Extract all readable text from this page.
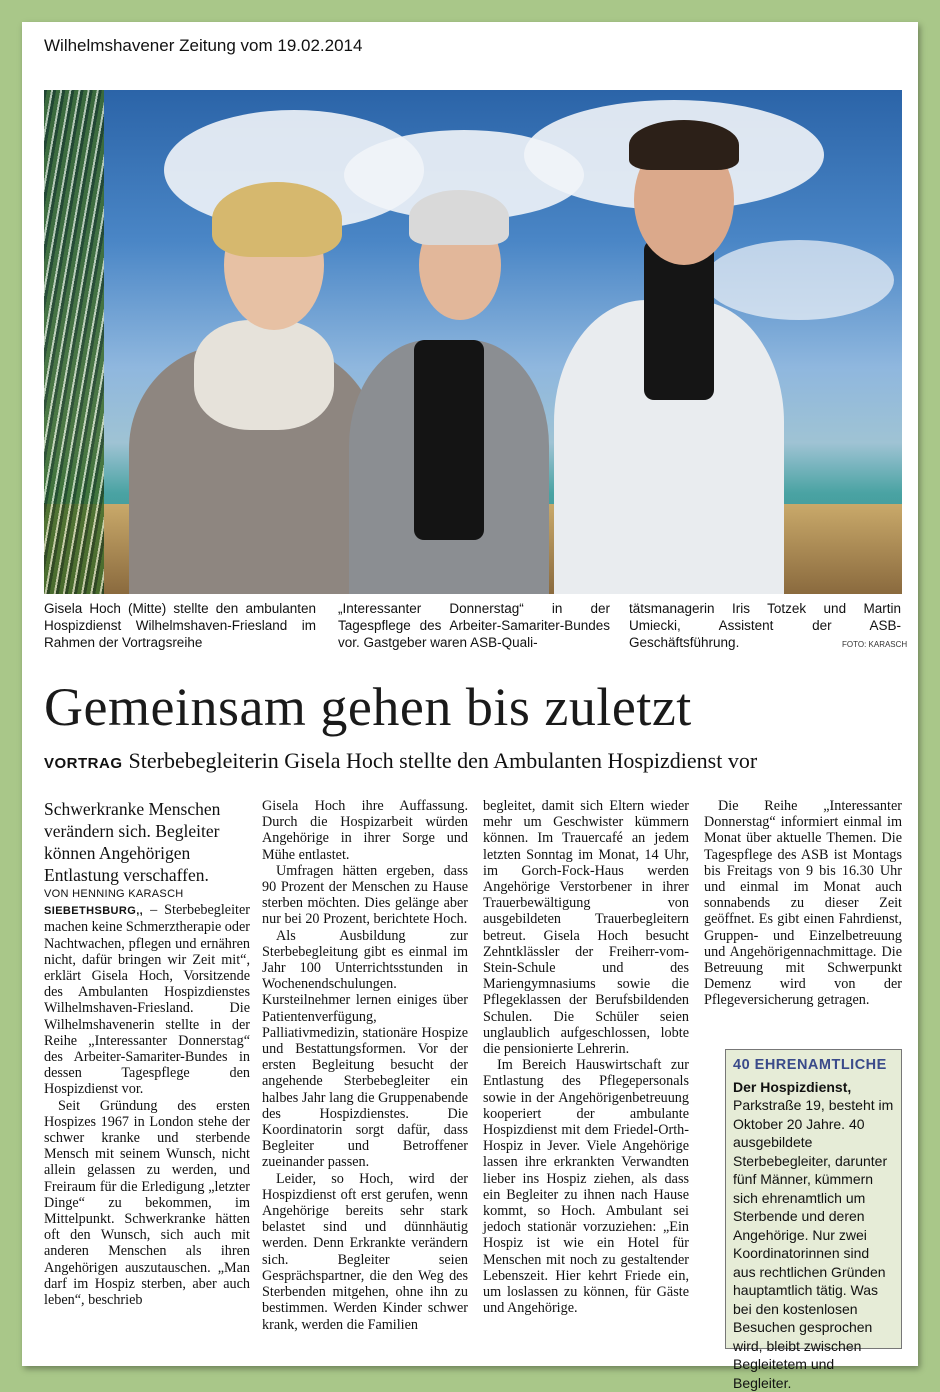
Wilhelmshavener Zeitung vom 19.02.2014
Gisela Hoch (Mitte) stellte den ambulanten Hospizdienst Wilhelmshaven-Friesland im Rahmen der Vortragsreihe
„Interessanter Donnerstag“ in der Tagespflege des Arbeiter-Samariter-Bundes vor. Gastgeber waren ASB-Quali-
tätsmanagerin Iris Totzek und Martin Umiecki, Assistent der ASB-Geschäftsführung.	FOTO: KARASCH
Gemeinsam gehen bis zuletzt
VORTRAG Sterbebegleiterin Gisela Hoch stellte den Ambulanten Hospizdienst vor

Schwerkranke Menschen verändern sich. Begleiter können Angehörigen Entlastung verschaffen.

VON HENNING KARASCH

SIEBETHSBURG,, – Sterbebegleiter machen keine Schmerztherapie oder Nachtwachen, pflegen und ernähren nicht, dafür bringen wir Zeit mit“, erklärt Gisela Hoch, Vorsitzende des Ambulanten Hospizdienstes Wilhelmshaven-Friesland. Die Wilhelmshavenerin stellte in der Reihe „Interessanter Donnerstag“ des Arbeiter-Samariter-Bundes in dessen Tagespflege den Hospizdienst vor.

Seit Gründung des ersten Hospizes 1967 in London stehe der schwer kranke und sterbende Mensch mit seinem Wunsch, nicht allein gelassen zu werden, und Freiraum für die Erledigung „letzter Dinge“ zu bekommen, im Mittelpunkt. Schwerkranke hätten oft den Wunsch, sich auch mit anderen Menschen als ihren Angehörigen auszutauschen. „Man darf im Hospiz sterben, aber auch leben“, beschrieb

Gisela Hoch ihre Auffassung. Durch die Hospizarbeit würden Angehörige in ihrer Sorge und Mühe entlastet.

Umfragen hätten ergeben, dass 90 Prozent der Menschen zu Hause sterben möchten. Dies gelänge aber nur bei 20 Prozent, berichtete Hoch.

Als Ausbildung zur Sterbebegleitung gibt es einmal im Jahr 100 Unterrichtsstunden in Wochenendschulungen. Kursteilnehmer lernen einiges über Patientenverfügung, Palliativmedizin, stationäre Hospize und Bestattungsformen. Vor der ersten Begleitung besucht der angehende Sterbebegleiter ein halbes Jahr lang die Gruppenabende des Hospizdienstes. Die Koordinatorin sorgt dafür, dass Begleiter und Betroffener zueinander passen.

Leider, so Hoch, wird der Hospizdienst oft erst gerufen, wenn Angehörige bereits sehr stark belastet sind und dünnhäutig werden. Denn Erkrankte verändern sich. Begleiter seien Gesprächspartner, die den Weg des Sterbenden mitgehen, ohne ihn zu bestimmen. Werden Kinder schwer krank, werden die Familien

begleitet, damit sich Eltern wieder mehr um Geschwister kümmern können. Im Trauercafé an jedem letzten Sonntag im Monat, 14 Uhr, im Gorch-Fock-Haus werden Angehörige Verstorbener in ihrer Trauerbewältigung von ausgebildeten Trauerbegleitern betreut. Gisela Hoch besucht Zehntklässler der Freiherr-vom-Stein-Schule und des Mariengymnasiums sowie die Pflegeklassen der Berufsbildenden Schulen. Die Schüler seien unglaublich aufgeschlossen, lobte die pensionierte Lehrerin.

Im Bereich Hauswirtschaft zur Entlastung des Pflegepersonals sowie in der Angehörigenbetreuung kooperiert der ambulante Hospizdienst mit dem Friedel-Orth-Hospiz in Jever. Viele Angehörige lassen ihre erkrankten Verwandten lieber ins Hospiz ziehen, als dass ein Begleiter zu ihnen nach Hause kommt, so Hoch. Ambulant sei jedoch stationär vorzuziehen: „Ein Hospiz ist wie ein Hotel für Menschen mit noch zu gestaltender Lebenszeit. Hier kehrt Friede ein, um loslassen zu können, für Gäste und Angehörige.

Die Reihe „Interessanter Donnerstag“ informiert einmal im Monat über aktuelle Themen. Die Tagespflege des ASB ist Montags bis Freitags von 9 bis 16.30 Uhr und einmal im Monat auch sonnabends zu dieser Zeit geöffnet. Es gibt einen Fahrdienst, Gruppen- und Einzelbetreuung und Angehörigennachmittage. Die Betreuung mit Schwerpunkt Demenz wird von der Pflegeversicherung getragen.

40 EHRENAMTLICHE
Der Hospizdienst, Parkstraße 19, besteht im Oktober 20 Jahre. 40 ausgebildete Sterbebegleiter, darunter fünf Männer, kümmern sich ehrenamtlich um Sterbende und deren Angehörige. Nur zwei Koordinatorinnen sind aus rechtlichen Gründen hauptamtlich tätig. Was bei den kostenlosen Besuchen gesprochen wird, bleibt zwischen Begleitetem und Begleiter.
